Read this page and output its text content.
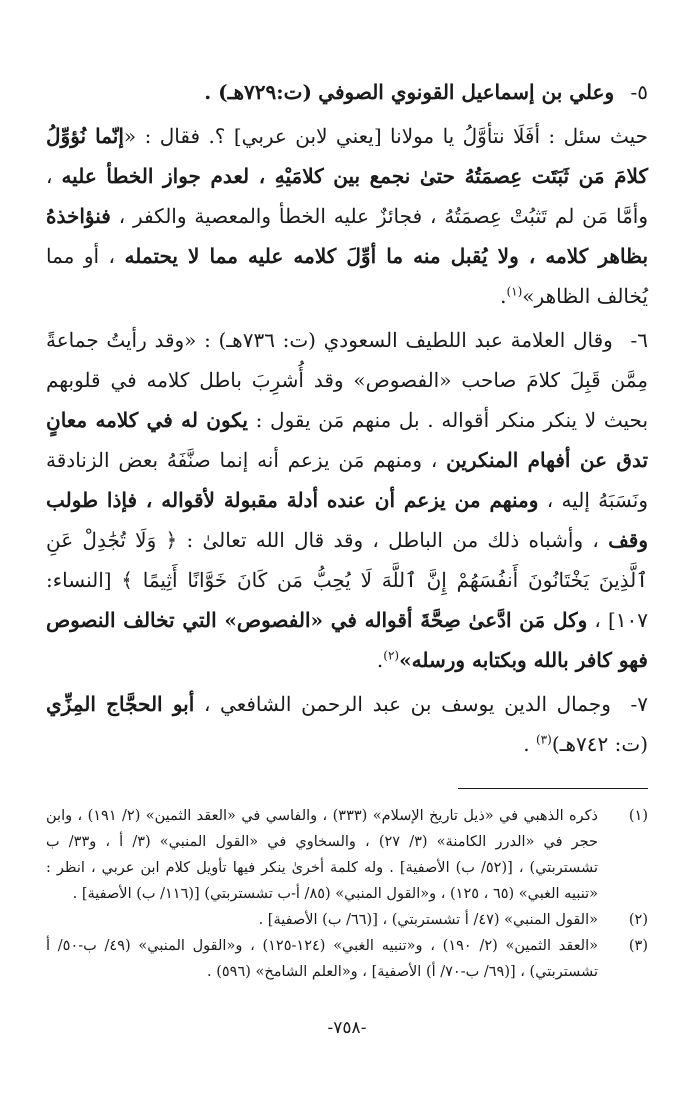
٥- وعلي بن إسماعيل القونوي الصوفي (ت:٧٢٩هـ) .

حيث سئل : أفَلَا نتأوَّلُ يا مولانا [يعني لابن عربي] ؟. فقال : «إنّما نُؤوِّلُ كلامَ مَن ثَبَتَت عِصمَتُهُ حتىٰ نجمع بين كلامَيْهِ ، لعدم جواز الخطأ عليه ، وأمَّا مَن لم تَثبُتْ عِصمَتُهُ ، فجائزٌ عليه الخطأ والمعصية والكفر ، فنؤاخذهُ بظاهر كلامه ، ولا يُقبل منه ما أوِّلَ كلامه عليه مما لا يحتمله ، أو مما يُخالف الظاهر»$^{(١)}$.

٦- وقال العلامة عبد اللطيف السعودي (ت: ٧٣٦هـ) : «وقد رأيتُ جماعةً مِمَّن قَبِلَ كلامَ صاحب «الفصوص» وقد أُشرِبَ باطل كلامه في قلوبهم بحيث لا ينكر منكر أقواله . بل منهم مَن يقول : يكون له في كلامه معانٍ تدق عن أفهام المنكرين ، ومنهم مَن يزعم أنه إنما صنَّفَهُ بعض الزنادقة ونَسَبَهُ إليه ، ومنهم من يزعم أن عنده أدلة مقبولة لأقواله ، فإذا طولب وقف ، وأشباه ذلك من الباطل ، وقد قال الله تعالىٰ : ﴿ وَلَا تُجَٰدِلْ عَنِ ٱلَّذِينَ يَخْتَانُونَ أَنفُسَهُمْ إِنَّ ٱللَّهَ لَا يُحِبُّ مَن كَانَ خَوَّانًا أَثِيمًا ﴾ [النساء: ١٠٧] ، وكل مَن ادَّعىٰ صِحَّةَ أقواله في «الفصوص» التي تخالف النصوص فهو كافر بالله وبكتابه ورسله»$^{(٢)}$.

٧- وجمال الدين يوسف بن عبد الرحمن الشافعي ، أبو الحجَّاج المِزِّي (ت: ٧٤٢هـ)$^{(٣)}$ .

(١)
ذكره الذهبي في «ذيل تاريخ الإسلام» (٣٣٣) ، والفاسي في «العقد الثمين» (٢/ ١٩١) ، وابن حجر في «الدرر الكامنة» (٣/ ٢٧) ، والسخاوي في «القول المنبي» (٣/ أ ، و٣٣/ ب تشستربتي) ، [(٥٢/ ب) الأصفية] . وله كلمة أخرىٰ ينكر فيها تأويل كلام ابن عربي ، انظر : «تنبيه الغبي» (٦٥ ، ١٢٥) ، و«القول المنبي» (٨٥/ أ-ب تشستربتي) [(١١٦/ ب) الأصفية] .
(٢)
«القول المنبي» (٤٧/ أ تشستربتي) ، [(٦٦/ ب) الأصفية] .
(٣)
«العقد الثمين» (٢/ ١٩٠) ، و«تنبيه الغبي» (١٢٤-١٢٥) ، و«القول المنبي» (٤٩/ ب-٥٠/ أ تشستربتي) ، [(٦٩/ ب-٧٠/ أ) الأصفية] ، و«العلم الشامخ» (٥٩٦) .
-٧٥٨-
